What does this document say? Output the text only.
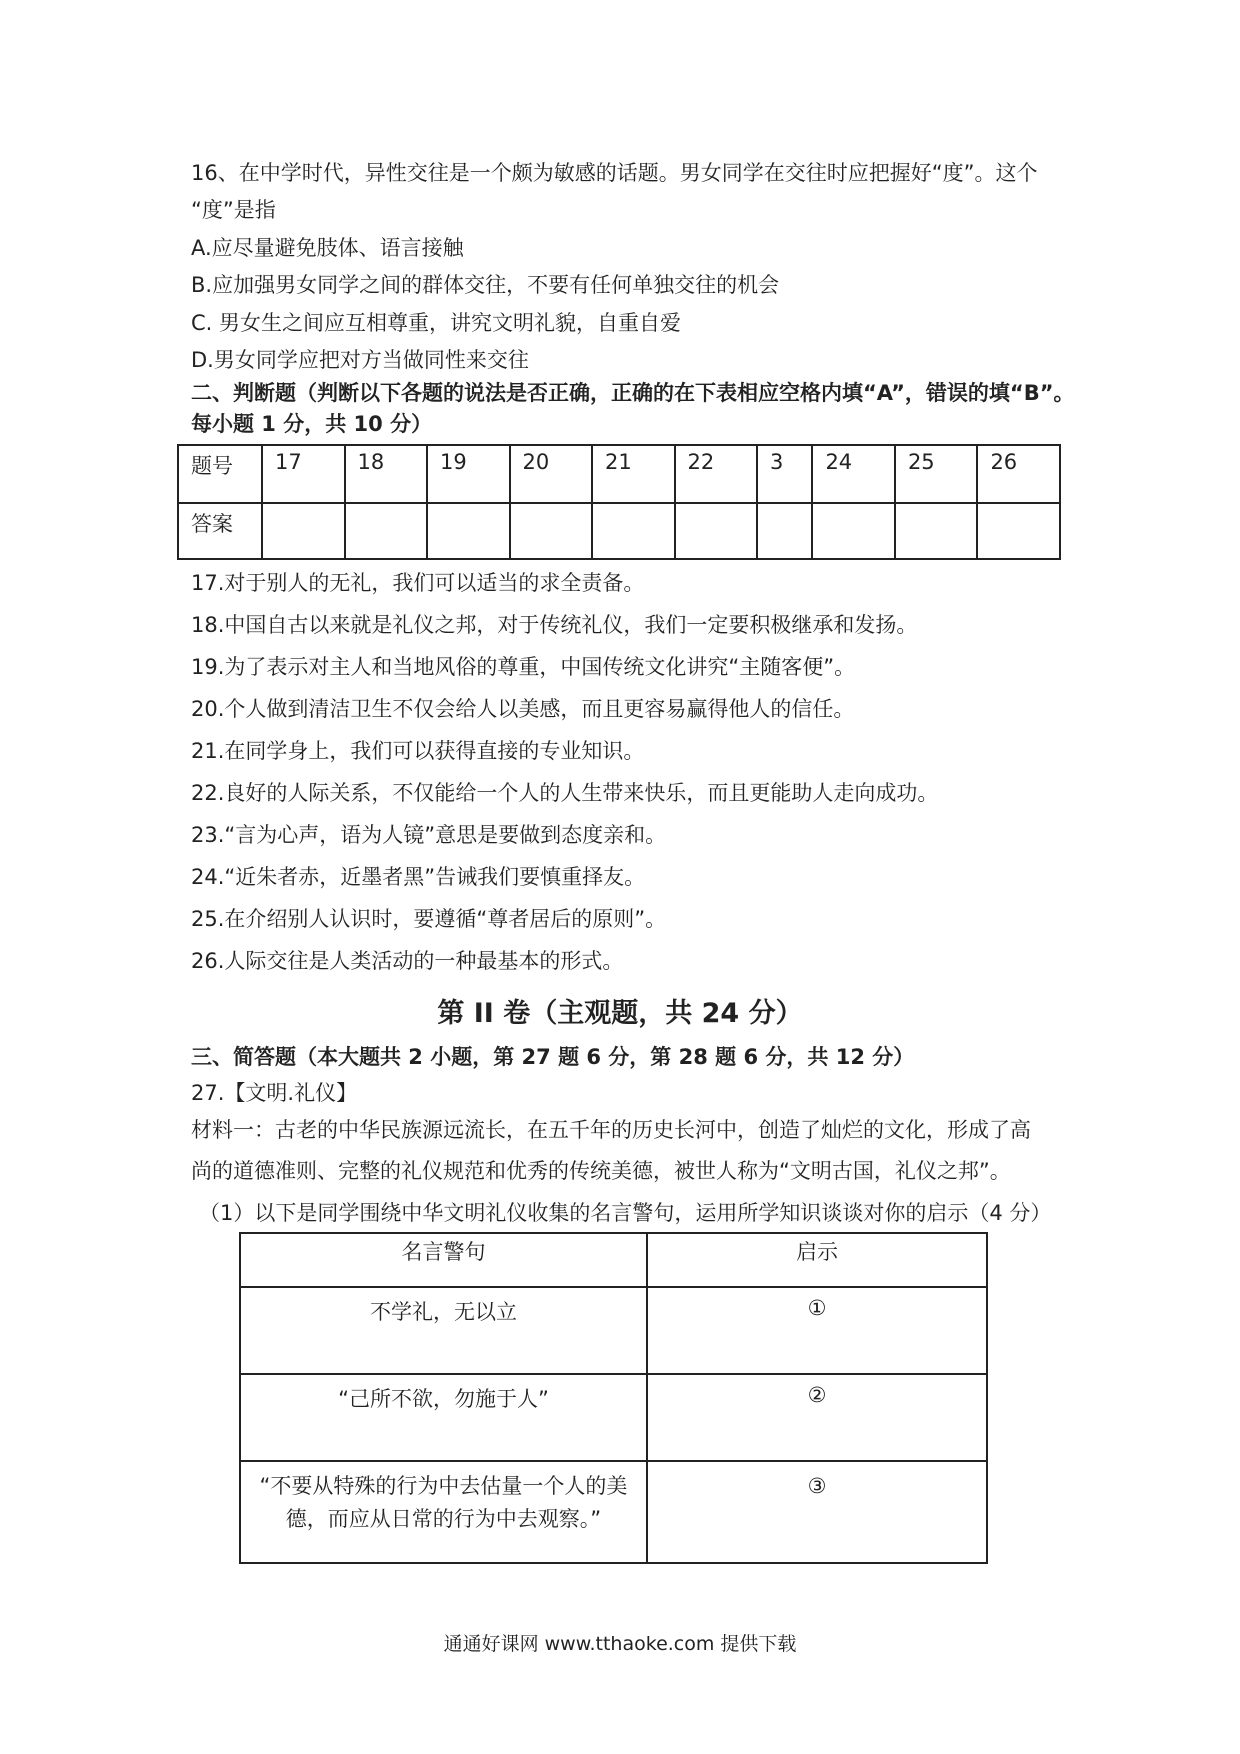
16、在中学时代，异性交往是一个颇为敏感的话题。男女同学在交往时应把握好“度”。这个
“度”是指
A.应尽量避免肢体、语言接触
B.应加强男女同学之间的群体交往，不要有任何单独交往的机会
C. 男女生之间应互相尊重，讲究文明礼貌，自重自爱
D.男女同学应把对方当做同性来交往
二、判断题（判断以下各题的说法是否正确，正确的在下表相应空格内填“A”，错误的填“B”。
每小题 1 分，共 10 分）
题号	17	18	19	20	21	22	3	24	25	26
答案										
17.对于别人的无礼，我们可以适当的求全责备。
18.中国自古以来就是礼仪之邦，对于传统礼仪，我们一定要积极继承和发扬。
19.为了表示对主人和当地风俗的尊重，中国传统文化讲究“主随客便”。
20.个人做到清洁卫生不仅会给人以美感，而且更容易赢得他人的信任。
21.在同学身上，我们可以获得直接的专业知识。
22.良好的人际关系，不仅能给一个人的人生带来快乐，而且更能助人走向成功。
23.“言为心声，语为人镜”意思是要做到态度亲和。
24.“近朱者赤，近墨者黑”告诫我们要慎重择友。
25.在介绍别人认识时，要遵循“尊者居后的原则”。
26.人际交往是人类活动的一种最基本的形式。
第 II 卷（主观题，共 24 分）
三、简答题（本大题共 2 小题，第 27 题 6 分，第 28 题 6 分，共 12 分）
27.【文明.礼仪】
材料一：古老的中华民族源远流长，在五千年的历史长河中，创造了灿烂的文化，形成了高
尚的道德准则、完整的礼仪规范和优秀的传统美德，被世人称为“文明古国，礼仪之邦”。
（1）以下是同学围绕中华文明礼仪收集的名言警句，运用所学知识谈谈对你的启示（4 分）
名言警句	启示
不学礼，无以立	①
“己所不欲，勿施于人”	②

“不要从特殊的行为中去估量一个人的美
德，而应从日常的行为中去观察。”	③
通通好课网 www.tthaoke.com 提供下载
